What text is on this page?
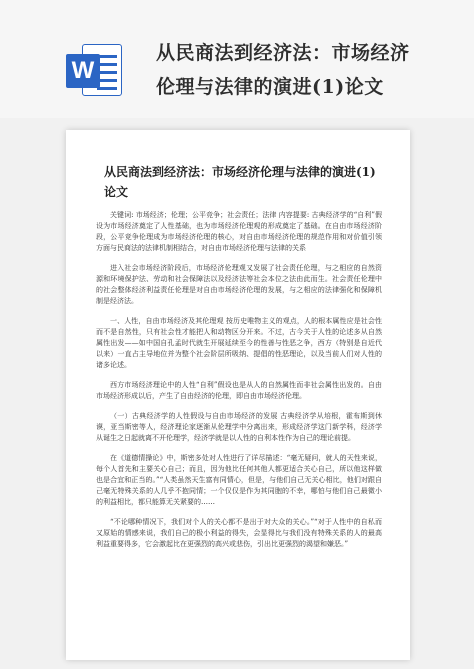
W
从民商法到经济法：市场经济
伦理与法律的演进(1)论文
从民商法到经济法：市场经济伦理与法律的演进(1)
论文

关键词: 市场经济；伦理；公平竞争；社会责任；法律 内容提要: 古典经济学的“自利”假设为市场经济奠定了人性基础，也为市场经济伦理观的形成奠定了基础。在自由市场经济阶段，公平竞争伦理成为市场经济伦理的核心，对自由市场经济伦理的规范作用和对价值引领方面与民商法的法律机制相结合，对自由市场经济伦理与法律的关系

进入社会市场经济阶段后，市场经济伦理观又发展了社会责任伦理，与之相应的自然资源和环境保护法、劳动和社会保障法以及经济法等社会本位之法由此而生。社会责任伦理中的社会整体经济利益责任伦理是对自由市场经济伦理的发展，与之相应的法律强化和保障机制是经济法。

一、人性，自由市场经济及其伦理观 按历史唯物主义的观点，人的根本属性应是社会性而不是自然性，只有社会性才能把人和动物区分开来。不过，古今关于人性的论述多从自然属性出发——如中国自孔孟时代就生开展延续至今的性善与性恶之争，西方（特别是自近代以来）一直占主导地位并为整个社会阶层所吸纳、提倡的性恶理论，以及当前人们对人性的诸多论述。

西方市场经济理论中的人性“自利”假设也是从人的自然属性而非社会属性出发的。自由市场经济形成以后，产生了自由经济的伦理，即自由市场经济伦理。

（一）古典经济学的人性假设与自由市场经济的发展 古典经济学从培根，霍布斯到休谟，亚当斯密等人，经济理论家逐渐从伦理学中分离出来，形成经济学这门新学科，经济学从诞生之日起就离不开伦理学，经济学就是以人性的自利本性作为自己的理论前提。

在《道德情操论》中，斯密多处对人性进行了详尽描述：“毫无疑问，就人的天性来说，每个人首先和主要关心自己；而且，因为他比任何其他人都更适合关心自己，所以他这样做也是合宜和正当的。”“人类虽然天生富有同情心，但是，与他们自己无关心相比，他们对跟自己毫无特殊关系的人几乎不抱同情；一个仅仅是作为其同胞的不幸，哪怕与他们自己最微小的利益相比，都只能算无关紧要的……

“不论哪种情况下，我们对个人的关心都不是出于对大众的关心。”“对于人性中的自私而又原始的情感来说，我们自己的极小利益的得失，会显得比与我们没有特殊关系的人的最高利益重要得多，它会激起比在更强烈的高兴或悲伤，引出比更强烈的渴望和嫌恶。”
